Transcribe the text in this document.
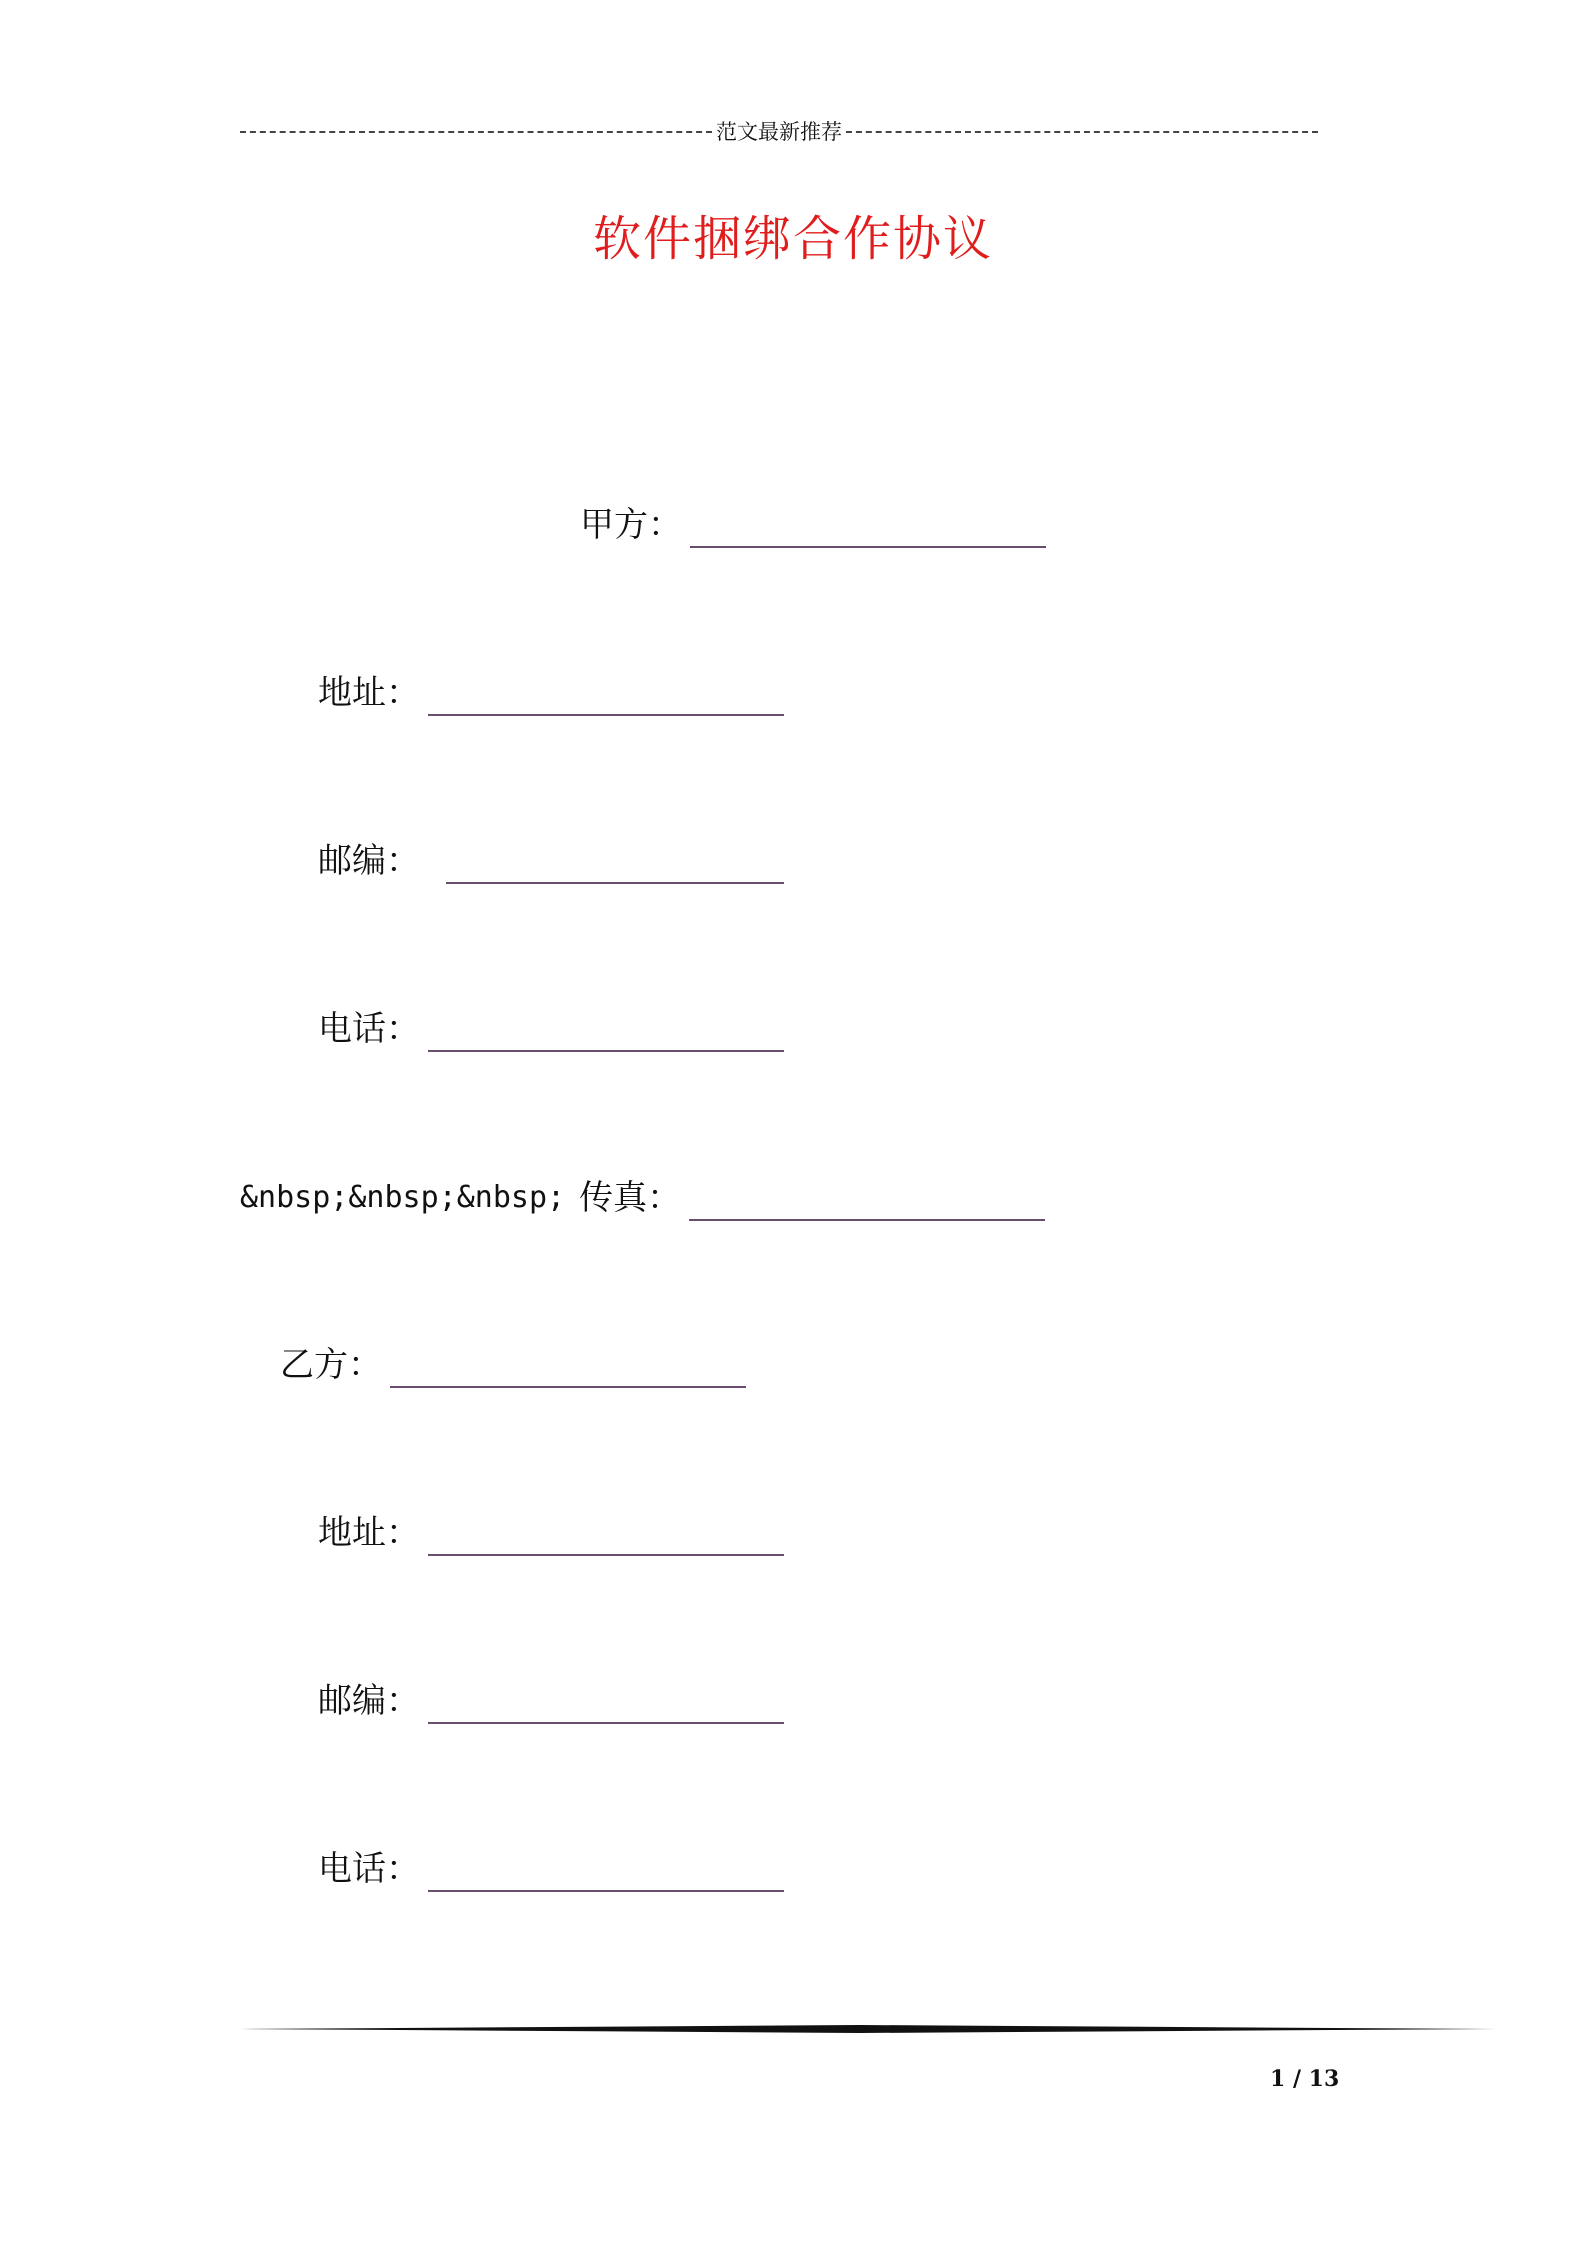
范文最新推荐
软件捆绑合作协议
甲方：
地址：
邮编：
电话：
&nbsp;&nbsp;&nbsp; 传真：
乙方：
地址：
邮编：
电话：
1 / 13
